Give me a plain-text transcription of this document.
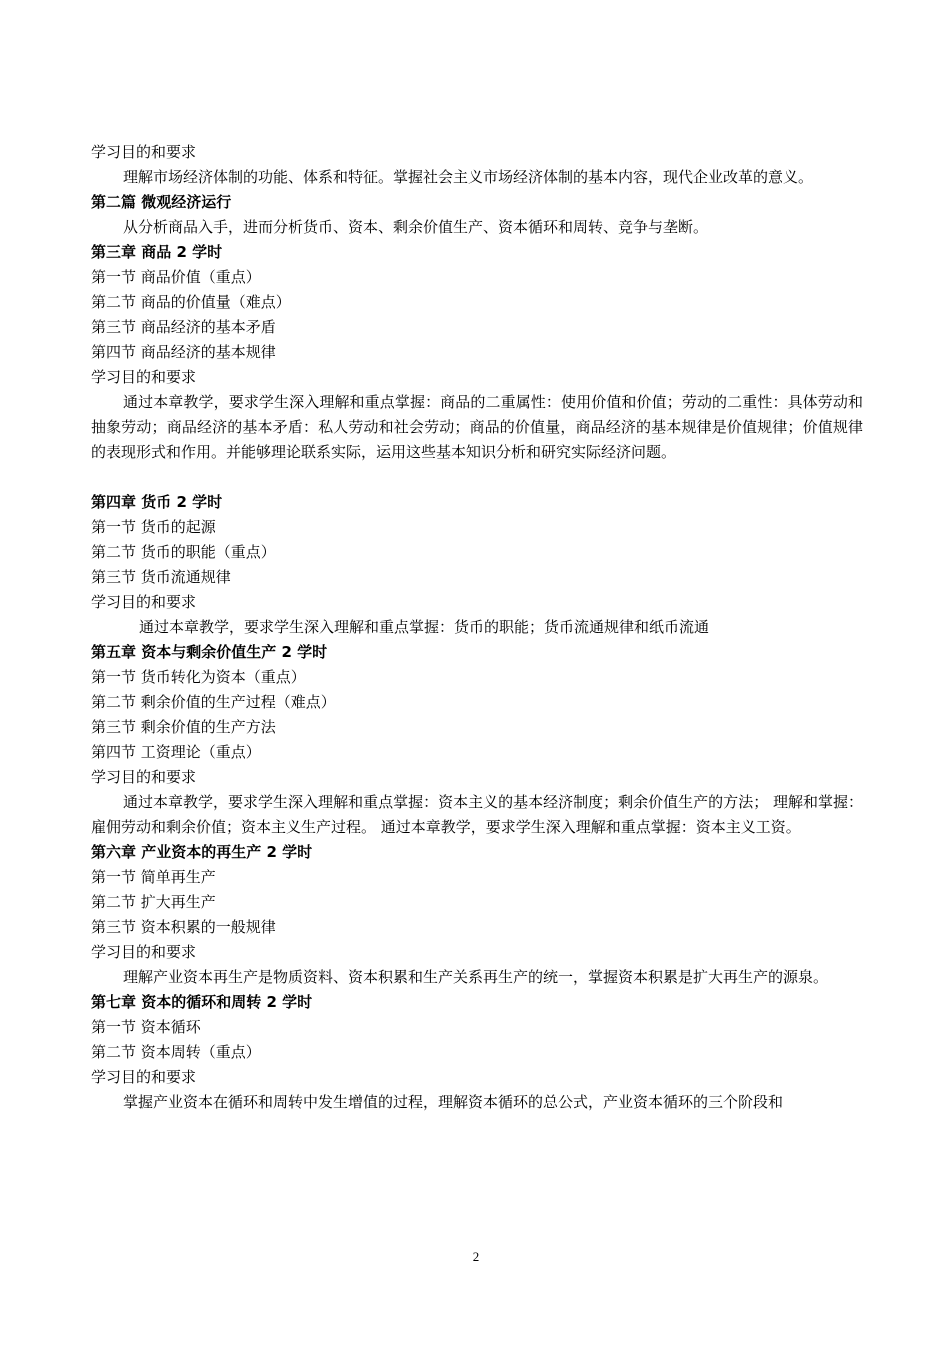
学习目的和要求
理解市场经济体制的功能、体系和特征。掌握社会主义市场经济体制的基本内容，现代企业改革的意义。
第二篇 微观经济运行
从分析商品入手，进而分析货币、资本、剩余价值生产、资本循环和周转、竞争与垄断。
第三章 商品 2 学时
第一节 商品价值（重点）
第二节 商品的价值量（难点）
第三节 商品经济的基本矛盾
第四节 商品经济的基本规律
学习目的和要求
通过本章教学，要求学生深入理解和重点掌握：商品的二重属性：使用价值和价值；劳动的二重性：具体劳动和抽象劳动；商品经济的基本矛盾：私人劳动和社会劳动；商品的价值量，商品经济的基本规律是价值规律；价值规律的表现形式和作用。并能够理论联系实际，运用这些基本知识分析和研究实际经济问题。
第四章 货币 2 学时
第一节 货币的起源
第二节 货币的职能（重点）
第三节 货币流通规律
学习目的和要求
通过本章教学，要求学生深入理解和重点掌握：货币的职能；货币流通规律和纸币流通
第五章 资本与剩余价值生产 2 学时
第一节 货币转化为资本（重点）
第二节 剩余价值的生产过程（难点）
第三节 剩余价值的生产方法
第四节 工资理论（重点）
学习目的和要求
通过本章教学，要求学生深入理解和重点掌握：资本主义的基本经济制度；剩余价值生产的方法； 理解和掌握：雇佣劳动和剩余价值；资本主义生产过程。 通过本章教学，要求学生深入理解和重点掌握：资本主义工资。
第六章 产业资本的再生产 2 学时
第一节 简单再生产
第二节 扩大再生产
第三节 资本积累的一般规律
学习目的和要求
理解产业资本再生产是物质资料、资本积累和生产关系再生产的统一，掌握资本积累是扩大再生产的源泉。
第七章 资本的循环和周转 2 学时
第一节 资本循环
第二节 资本周转（重点）
学习目的和要求
掌握产业资本在循环和周转中发生增值的过程，理解资本循环的总公式，产业资本循环的三个阶段和
2
